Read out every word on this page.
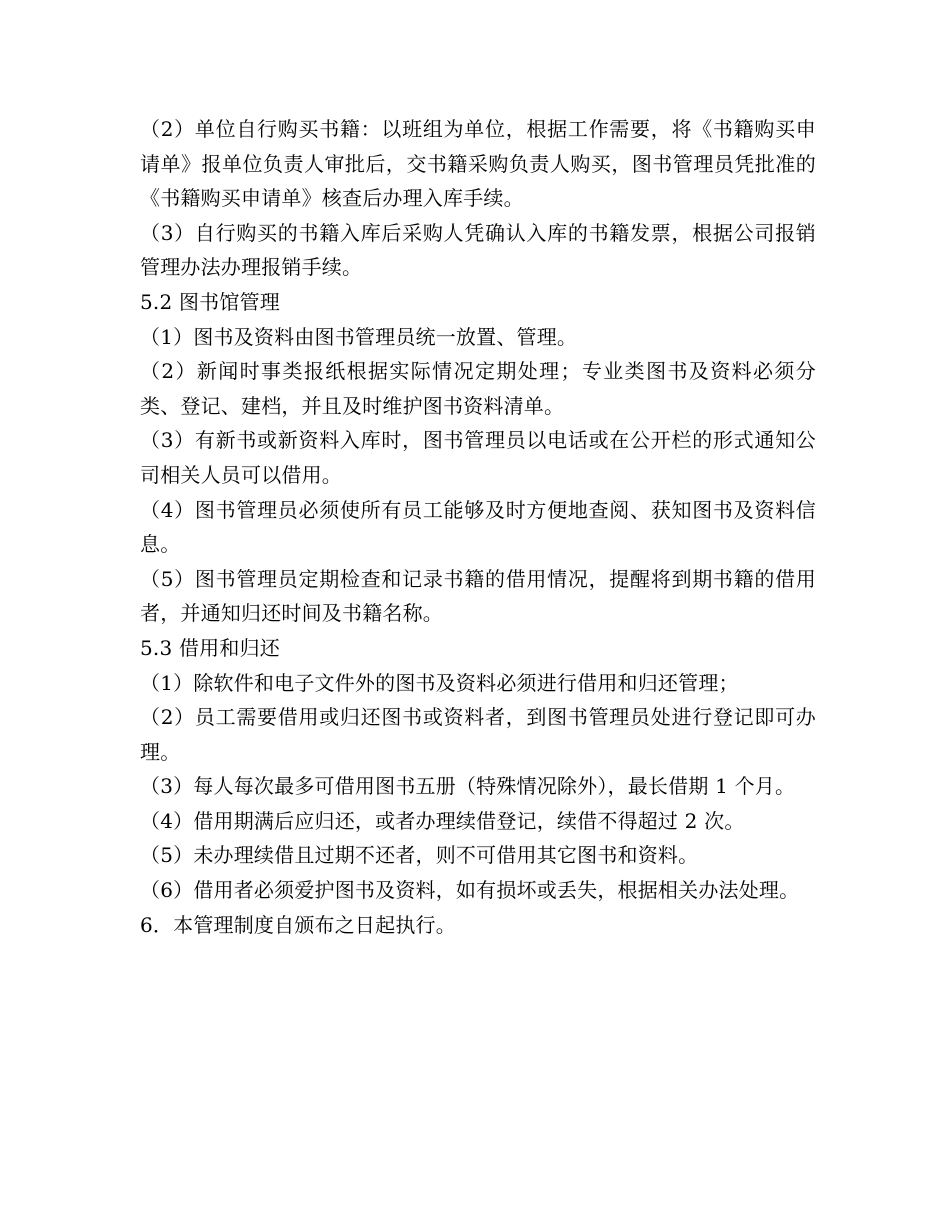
（2）单位自行购买书籍：以班组为单位，根据工作需要，将《书籍购买申请单》报单位负责人审批后，交书籍采购负责人购买，图书管理员凭批准的《书籍购买申请单》核查后办理入库手续。

（3）自行购买的书籍入库后采购人凭确认入库的书籍发票，根据公司报销管理办法办理报销手续。

5.2 图书馆管理

（1）图书及资料由图书管理员统一放置、管理。

（2）新闻时事类报纸根据实际情况定期处理；专业类图书及资料必须分类、登记、建档，并且及时维护图书资料清单。

（3）有新书或新资料入库时，图书管理员以电话或在公开栏的形式通知公司相关人员可以借用。

（4）图书管理员必须使所有员工能够及时方便地查阅、获知图书及资料信息。

（5）图书管理员定期检查和记录书籍的借用情况，提醒将到期书籍的借用者，并通知归还时间及书籍名称。

5.3 借用和归还

（1）除软件和电子文件外的图书及资料必须进行借用和归还管理；

（2）员工需要借用或归还图书或资料者，到图书管理员处进行登记即可办理。

（3）每人每次最多可借用图书五册（特殊情况除外），最长借期 1 个月。

（4）借用期满后应归还，或者办理续借登记，续借不得超过 2 次。

（5）未办理续借且过期不还者，则不可借用其它图书和资料。

（6）借用者必须爱护图书及资料，如有损坏或丢失，根据相关办法处理。

6．本管理制度自颁布之日起执行。
